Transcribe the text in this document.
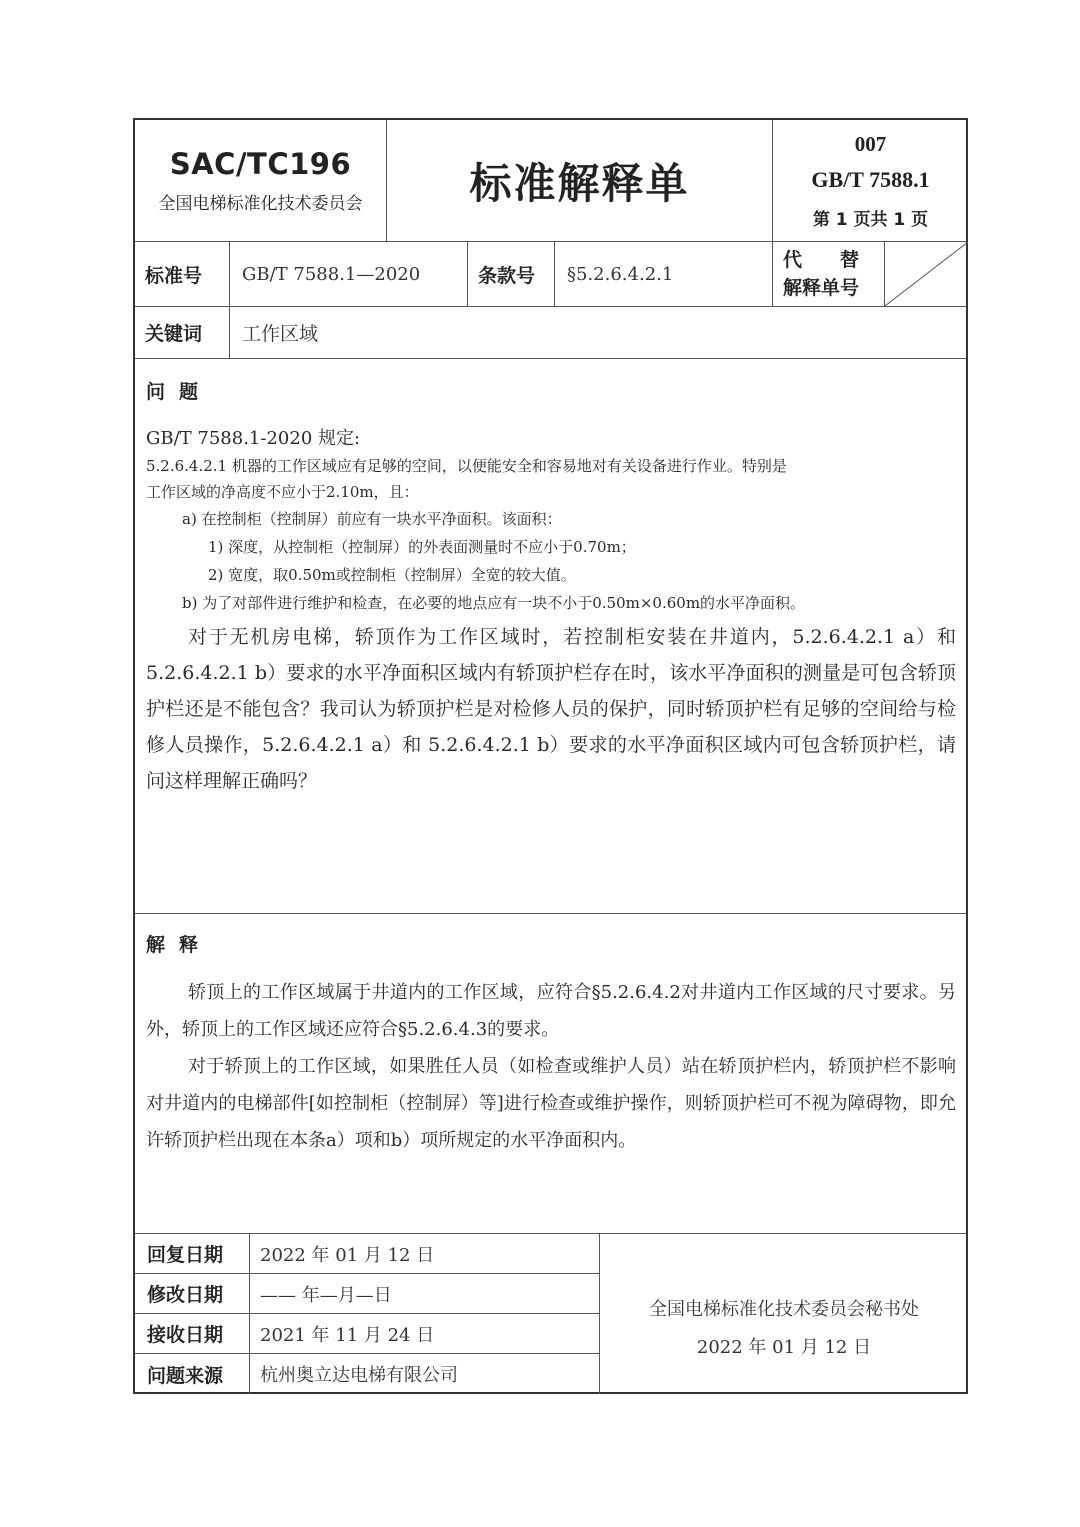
SAC/TC196
全国电梯标准化技术委员会	标准解释单
007
GB/T 7588.1
第 1 页共 1 页
标准号	GB/T 7588.1—2020	条款号	§5.2.6.4.2.1
代　　替
解释单号
关键词	工作区域
问题
GB/T 7588.1-2020 规定:
5.2.6.4.2.1 机器的工作区域应有足够的空间，以便能安全和容易地对有关设备进行作业。特别是
工作区域的净高度不应小于2.10m，且：
a) 在控制柜（控制屏）前应有一块水平净面积。该面积：
1) 深度，从控制柜（控制屏）的外表面测量时不应小于0.70m；
2) 宽度，取0.50m或控制柜（控制屏）全宽的较大值。
b) 为了对部件进行维护和检查，在必要的地点应有一块不小于0.50m×0.60m的水平净面积。
对于无机房电梯，轿顶作为工作区域时，若控制柜安装在井道内，5.2.6.4.2.1 a）和 5.2.6.4.2.1 b）要求的水平净面积区域内有轿顶护栏存在时，该水平净面积的测量是可包含轿顶护栏还是不能包含？我司认为轿顶护栏是对检修人员的保护，同时轿顶护栏有足够的空间给与检修人员操作，5.2.6.4.2.1 a）和 5.2.6.4.2.1 b）要求的水平净面积区域内可包含轿顶护栏，请问这样理解正确吗？
解释
轿顶上的工作区域属于井道内的工作区域，应符合§5.2.6.4.2对井道内工作区域的尺寸要求。另外，轿顶上的工作区域还应符合§5.2.6.4.3的要求。
对于轿顶上的工作区域，如果胜任人员（如检查或维护人员）站在轿顶护栏内，轿顶护栏不影响对井道内的电梯部件[如控制柜（控制屏）等]进行检查或维护操作，则轿顶护栏可不视为障碍物，即允许轿顶护栏出现在本条a）项和b）项所规定的水平净面积内。
回复日期	2022 年 01 月 12 日
修改日期	—— 年—月—日
接收日期	2021 年 11 月 24 日
问题来源	杭州奥立达电梯有限公司
全国电梯标准化技术委员会秘书处
2022 年 01 月 12 日
